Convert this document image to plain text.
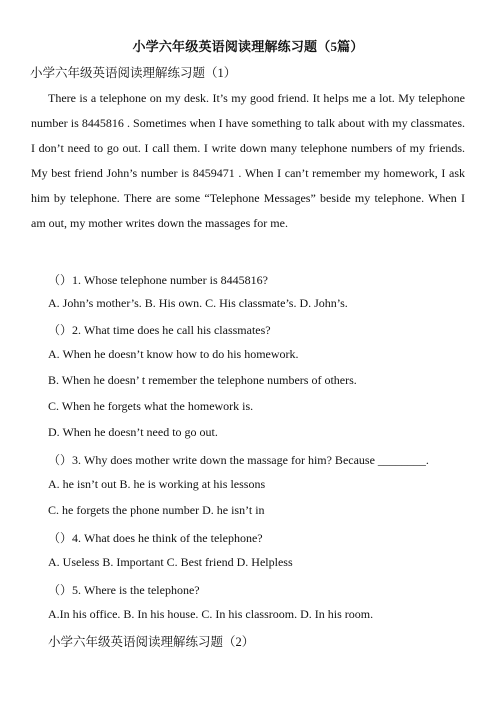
小学六年级英语阅读理解练习题（5篇）
小学六年级英语阅读理解练习题（1）

There is a telephone on my desk. It’s my good friend. It helps me a lot. My telephone number is 8445816 . Sometimes when I have something to talk about with my classmates. I don’t need to go out. I call them. I write down many telephone numbers of my friends. My best friend John’s number is 8459471 . When I can’t remember my homework, I ask him by telephone. There are some “Telephone Messages” beside my telephone. When I am out, my mother writes down the massages for me.

（）1. Whose telephone number is 8445816?
A. John’s mother’s. B. His own. C. His classmate’s. D. John’s.
（）2. What time does he call his classmates?
A. When he doesn’t know how to do his homework.
B. When he doesn’ t remember the telephone numbers of others.
C. When he forgets what the homework is.
D. When he doesn’t need to go out.
（）3. Why does mother write down the massage for him? Because ________.
A. he isn’t out B. he is working at his lessons
C. he forgets the phone number D. he isn’t in
（）4. What does he think of the telephone?
A. Useless B. Important C. Best friend D. Helpless
（）5. Where is the telephone?
A.In his office. B. In his house. C. In his classroom. D. In his room.
小学六年级英语阅读理解练习题（2）
